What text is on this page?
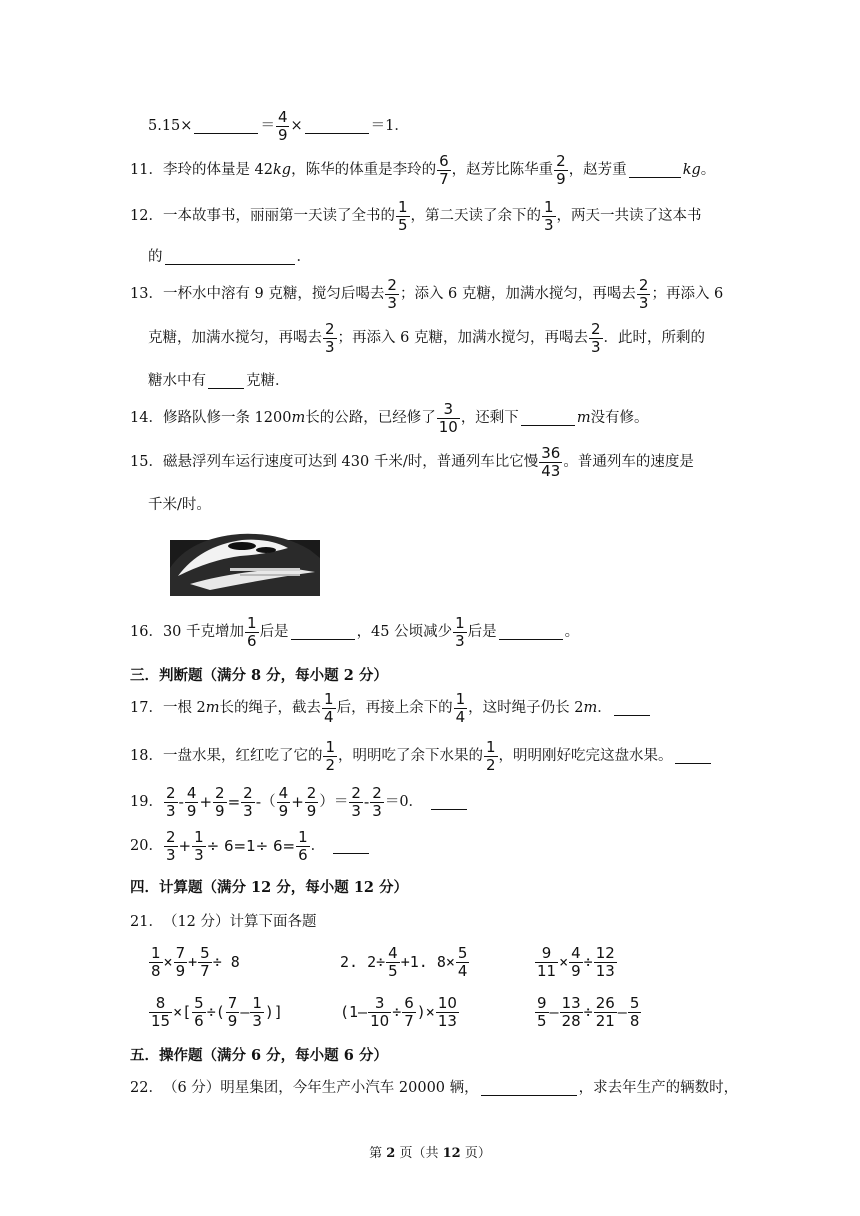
5.15×	＝ $\frac{4}{9}$ ×	＝1．
11． 李玲的体量是 42 kg ，陈华的体重是李玲的 $\frac{6}{7}$ ，赵芳比陈华重 $\frac{2}{9}$ ，赵芳重	kg 。
12． 一本故事书，丽丽第一天读了全书的 $\frac{1}{5}$ ，第二天读了余下的 $\frac{1}{3}$ ，两天一共读了这本书
的	．
13． 一杯水中溶有 9 克糖，搅匀后喝去 $\frac{2}{3}$ ；添入 6 克糖，加满水搅匀，再喝去 $\frac{2}{3}$ ；再添入 6
克糖，加满水搅匀，再喝去 $\frac{2}{3}$ ；再添入 6 克糖，加满水搅匀，再喝去 $\frac{2}{3}$ ．此时，所剩的
糖水中有	克糖．
14． 修路队修一条 1200 m 长的公路，已经修了 $\frac{3}{10}$ ，还剩下	m 没有修。
15． 磁悬浮列车运行速度可达到 430 千米/时，普通列车比它慢 $\frac{36}{43}$ 。普通列车的速度是
千米/时。
16． 30 千克增加 $\frac{1}{6}$ 后是	，45 公顷减少 $\frac{1}{3}$ 后是	。
三．判断题（满分 8 分，每小题 2 分）
17． 一根 2 m 长的绳子，截去 $\frac{1}{4}$ 后，再接上余下的 $\frac{1}{4}$ ，这时绳子仍长 2 m ．
18． 一盘水果，红红吃了它的 $\frac{1}{2}$ ，明明吃了余下水果的 $\frac{1}{2}$ ，明明刚好吃完这盘水果。
19． $\frac{2}{3} - \frac{4}{9} + \frac{2}{9} = \frac{2}{3}$ - （ $\frac{4}{9} + \frac{2}{9}$ ） ＝ $\frac{2}{3} - \frac{2}{3} =0$．
20． $\frac{2}{3} + \frac{1}{3} \div 6=1\div 6= \frac{1}{6}$ ．
四．计算题（满分 12 分，每小题 12 分）
21． （12 分）计算下面各题
$\frac{1}{8} \times \frac{7}{9} + \frac{5}{7} \div 8$	2. $2\div \frac{4}{5} +1$. $8\times \frac{5}{4}$	$\frac{9}{11} \times \frac{4}{9} \div \frac{12}{13}$
$\frac{8}{15}$ ×[ $\frac{5}{6}$ ÷( $\frac{7}{9} - \frac{1}{3}$ )]	($1- \frac{3}{10} \div \frac{6}{7}$ )× $\frac{10}{13}$	$\frac{9}{5} - \frac{13}{28} \div \frac{26}{21} - \frac{5}{8}$
五．操作题（满分 6 分，每小题 6 分）
22． （6 分）明星集团，今年生产小汽车 20000 辆，	，求去年生产的辆数时，
第 2 页（共 12 页）
